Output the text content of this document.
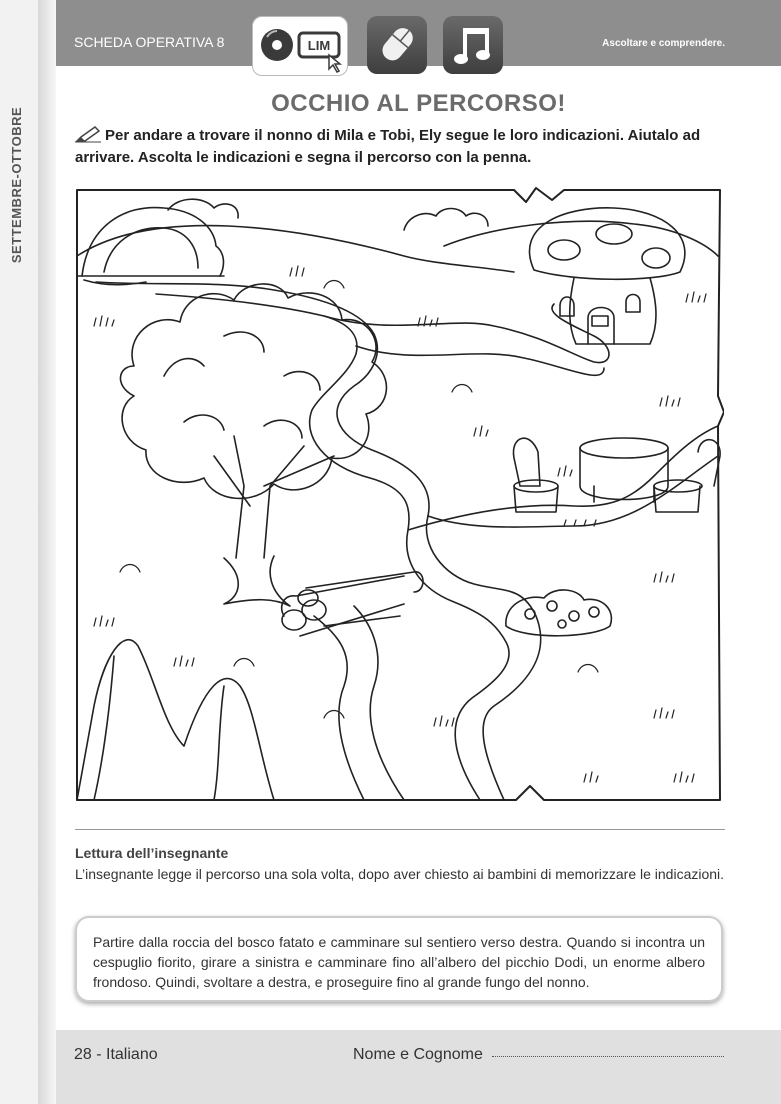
SETTEMBRE-OTTOBRE
SCHEDA OPERATIVA 8	Ascoltare e comprendere.
LIM
OCCHIO AL PERCORSO!
Per andare a trovare il nonno di Mila e Tobi, Ely segue le loro indicazioni. Aiutalo ad arrivare. Ascolta le indicazioni e segna il percorso con la penna.
Lettura dell’insegnante
L’insegnante legge il percorso una sola volta, dopo aver chiesto ai bambini di memorizzare le indicazioni.

Partire dalla roccia del bosco fatato e camminare sul sentiero verso destra. Quando si incontra un cespuglio fiorito, girare a sinistra e camminare fino all’albero del picchio Dodi, un enorme albero frondoso. Quindi, svoltare a destra, e proseguire fino al grande fungo del nonno.

28 - Italiano	Nome e Cognome
